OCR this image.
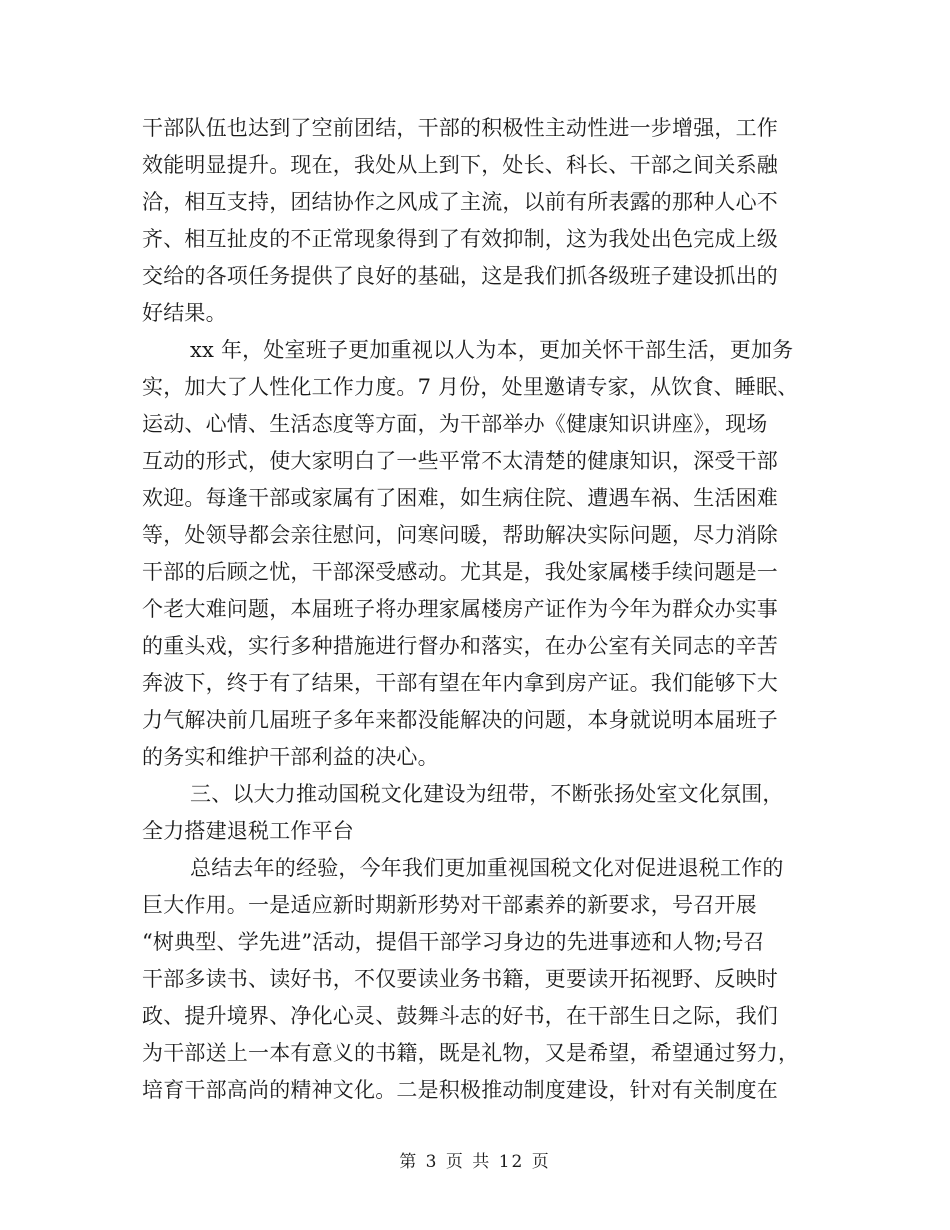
干部队伍也达到了空前团结，干部的积极性主动性进一步增强，工作
效能明显提升。现在，我处从上到下，处长、科长、干部之间关系融
洽，相互支持，团结协作之风成了主流，以前有所表露的那种人心不
齐、相互扯皮的不正常现象得到了有效抑制，这为我处出色完成上级
交给的各项任务提供了良好的基础，这是我们抓各级班子建设抓出的
好结果。
xx 年，处室班子更加重视以人为本，更加关怀干部生活，更加务
实，加大了人性化工作力度。7 月份，处里邀请专家，从饮食、睡眠、
运动、心情、生活态度等方面，为干部举办《健康知识讲座》，现场
互动的形式，使大家明白了一些平常不太清楚的健康知识，深受干部
欢迎。每逢干部或家属有了困难，如生病住院、遭遇车祸、生活困难
等，处领导都会亲往慰问，问寒问暖，帮助解决实际问题，尽力消除
干部的后顾之忧，干部深受感动。尤其是，我处家属楼手续问题是一
个老大难问题，本届班子将办理家属楼房产证作为今年为群众办实事
的重头戏，实行多种措施进行督办和落实，在办公室有关同志的辛苦
奔波下，终于有了结果，干部有望在年内拿到房产证。我们能够下大
力气解决前几届班子多年来都没能解决的问题，本身就说明本届班子
的务实和维护干部利益的决心。
三、以大力推动国税文化建设为纽带，不断张扬处室文化氛围，
全力搭建退税工作平台
总结去年的经验，今年我们更加重视国税文化对促进退税工作的
巨大作用。一是适应新时期新形势对干部素养的新要求，号召开展
“树典型、学先进”活动，提倡干部学习身边的先进事迹和人物;号召
干部多读书、读好书，不仅要读业务书籍，更要读开拓视野、反映时
政、提升境界、净化心灵、鼓舞斗志的好书，在干部生日之际，我们
为干部送上一本有意义的书籍，既是礼物，又是希望，希望通过努力，
培育干部高尚的精神文化。二是积极推动制度建设，针对有关制度在
第 3 页 共 12 页
